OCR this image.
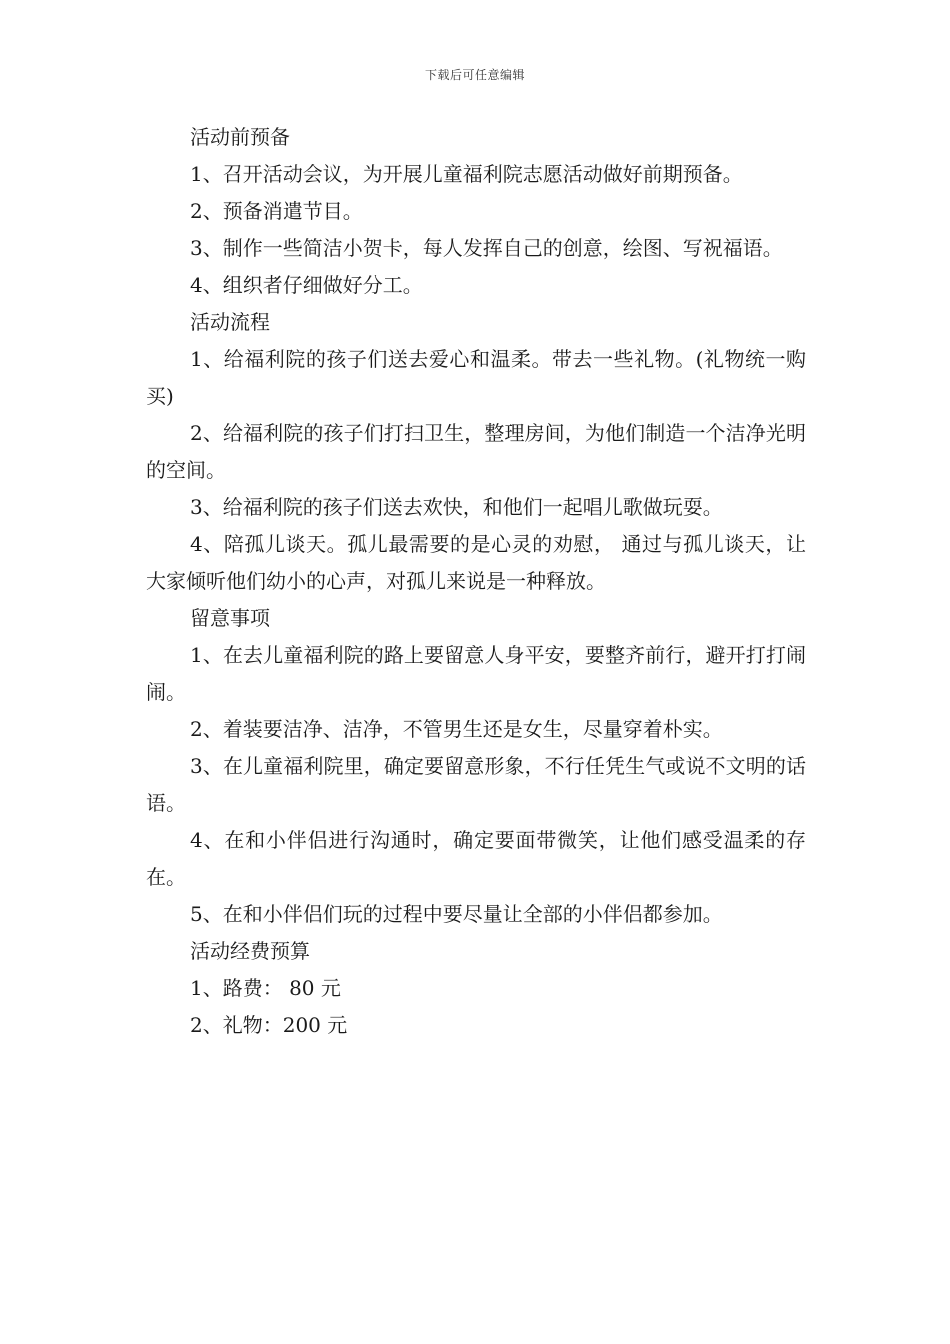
下载后可任意编辑

活动前预备

1、召开活动会议，为开展儿童福利院志愿活动做好前期预备。

2、预备消遣节目。

3、制作一些简洁小贺卡，每人发挥自己的创意，绘图、写祝福语。

4、组织者仔细做好分工。

活动流程

1、给福利院的孩子们送去爱心和温柔。带去一些礼物。(礼物统一购买)

2、给福利院的孩子们打扫卫生，整理房间，为他们制造一个洁净光明的空间。

3、给福利院的孩子们送去欢快，和他们一起唱儿歌做玩耍。

4、陪孤儿谈天。孤儿最需要的是心灵的劝慰， 通过与孤儿谈天，让大家倾听他们幼小的心声，对孤儿来说是一种释放。

留意事项

1、在去儿童福利院的路上要留意人身平安，要整齐前行，避开打打闹闹。

2、着装要洁净、洁净，不管男生还是女生，尽量穿着朴实。

3、在儿童福利院里，确定要留意形象，不行任凭生气或说不文明的话语。

4、在和小伴侣进行沟通时，确定要面带微笑，让他们感受温柔的存在。

5、在和小伴侣们玩的过程中要尽量让全部的小伴侣都参加。

活动经费预算

1、路费： 80 元

2、礼物：200 元
